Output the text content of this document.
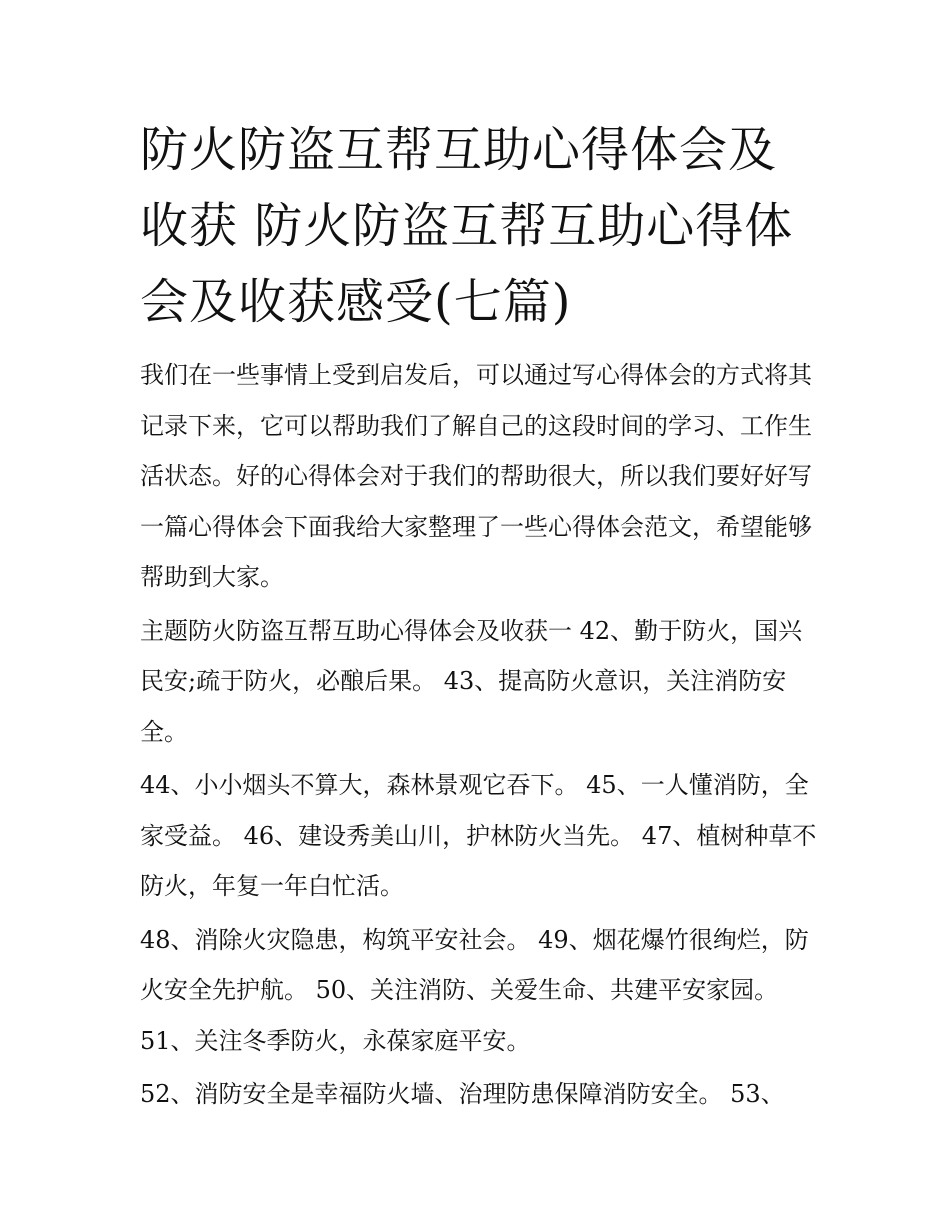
防火防盗互帮互助心得体会及收获 防火防盗互帮互助心得体会及收获感受(七篇)

我们在一些事情上受到启发后，可以通过写心得体会的方式将其记录下来，它可以帮助我们了解自己的这段时间的学习、工作生活状态。好的心得体会对于我们的帮助很大，所以我们要好好写一篇心得体会下面我给大家整理了一些心得体会范文，希望能够帮助到大家。

主题防火防盗互帮互助心得体会及收获一 42、勤于防火，国兴民安;疏于防火，必酿后果。 43、提高防火意识，关注消防安全。

44、小小烟头不算大，森林景观它吞下。 45、一人懂消防，全家受益。 46、建设秀美山川，护林防火当先。 47、植树种草不防火，年复一年白忙活。

48、消除火灾隐患，构筑平安社会。 49、烟花爆竹很绚烂，防火安全先护航。 50、关注消防、关爱生命、共建平安家园。 51、关注冬季防火，永葆家庭平安。

52、消防安全是幸福防火墙、治理防患保障消防安全。 53、
